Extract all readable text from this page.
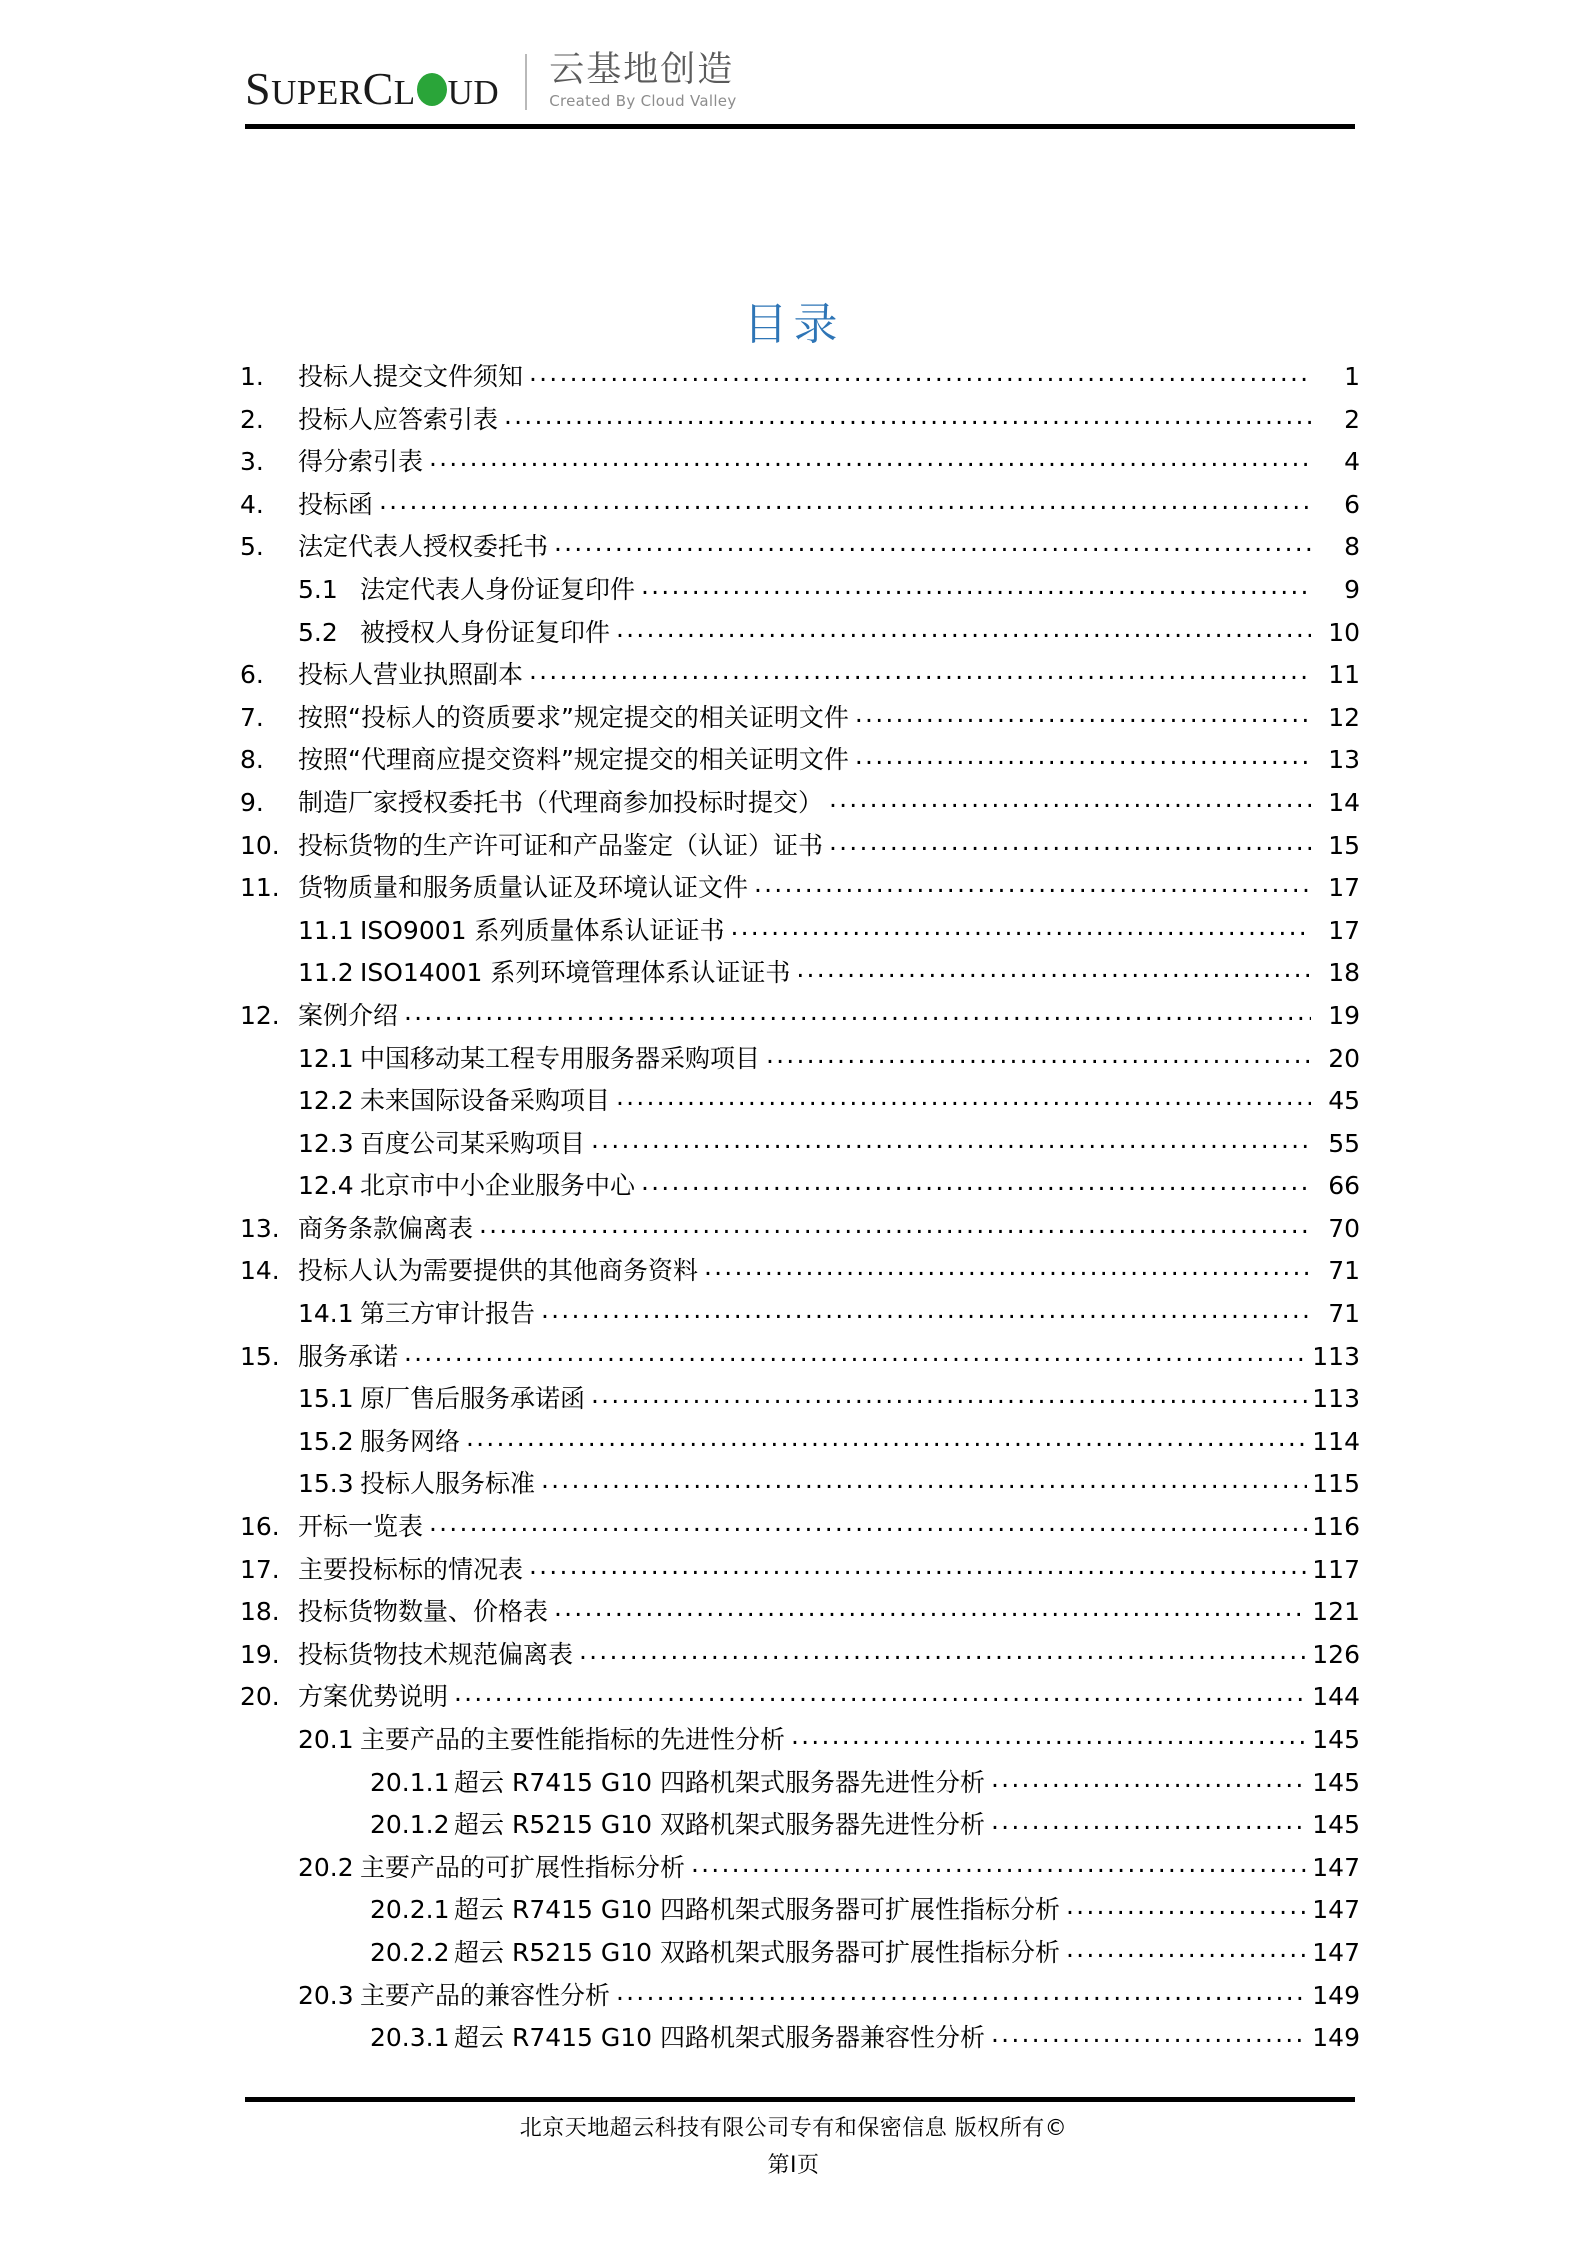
S UPER C L UD
云基地创造
Created By Cloud Valley
目录
1.	投标人提交文件须知 .....	1
2.	投标人应答索引表 .....	2
3.	得分索引表 .....	4
4.	投标函 .....	6
5.	法定代表人授权委托书 .....	8
5.1 法定代表人身份证复印件 .....	9
5.2 被授权人身份证复印件 .....	10
6.	投标人营业执照副本 .....	11
7.	按照“投标人的资质要求”规定提交的相关证明文件 .....	12
8.	按照“代理商应提交资料”规定提交的相关证明文件 .....	13
9.	制造厂家授权委托书（代理商参加投标时提交） .....	14
10. 投标货物的生产许可证和产品鉴定（认证）证书 .....	15
11. 货物质量和服务质量认证及环境认证文件 .....	17
11.1 ISO9001 系列质量体系认证证书 .....	17
11.2 ISO14001 系列环境管理体系认证证书 .....	18
12. 案例介绍 .....	19
12.1 中国移动某工程专用服务器采购项目 .....	20
12.2 未来国际设备采购项目 .....	45
12.3 百度公司某采购项目 .....	55
12.4 北京市中小企业服务中心 .....	66
13. 商务条款偏离表 .....	70
14. 投标人认为需要提供的其他商务资料 .....	71
14.1 第三方审计报告 .....	71
15. 服务承诺 .....	113
15.1 原厂售后服务承诺函 .....	113
15.2 服务网络 .....	114
15.3 投标人服务标准 .....	115
16. 开标一览表 .....	116
17. 主要投标标的情况表 .....	117
18. 投标货物数量、价格表 .....	121
19. 投标货物技术规范偏离表 .....	126
20. 方案优势说明 .....	144
20.1 主要产品的主要性能指标的先进性分析 .....	145
20.1.1 超云 R7415 G10 四路机架式服务器先进性分析 .....	145
20.1.2 超云 R5215 G10 双路机架式服务器先进性分析 .....	145
20.2 主要产品的可扩展性指标分析 .....	147
20.2.1 超云 R7415 G10 四路机架式服务器可扩展性指标分析 .....	147
20.2.2 超云 R5215 G10 双路机架式服务器可扩展性指标分析 .....	147
20.3 主要产品的兼容性分析 .....	149
20.3.1 超云 R7415 G10 四路机架式服务器兼容性分析 .....	149
北京天地超云科技有限公司专有和保密信息 版权所有©
第I页
